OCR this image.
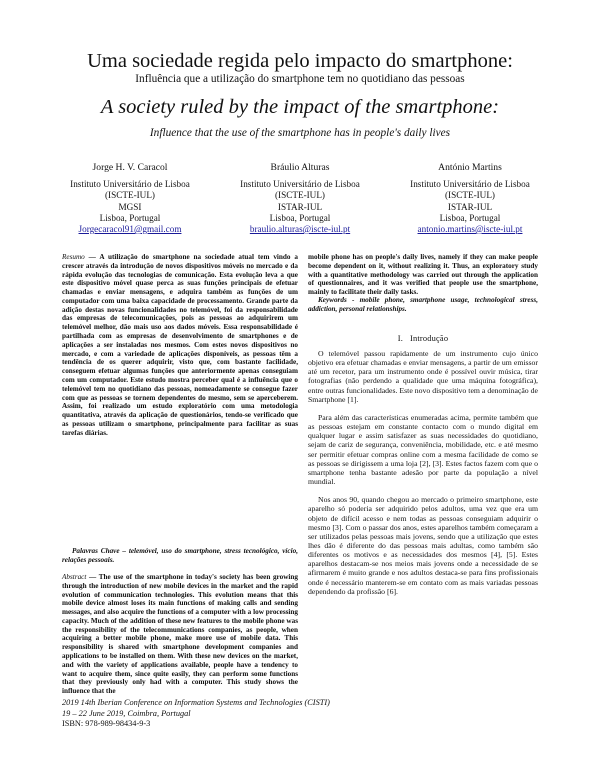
Uma sociedade regida pelo impacto do smartphone:
Influência que a utilização do smartphone tem no quotidiano das pessoas
A society ruled by the impact of the smartphone:
Influence that the use of the smartphone has in people's daily lives
Jorge H. V. Caracol
Instituto Universitário de Lisboa
(ISCTE-IUL)
MGSI
Lisboa, Portugal
Jorgecaracol91@gmail.com
Bráulio Alturas
Instituto Universitário de Lisboa
(ISCTE-IUL)
ISTAR-IUL
Lisboa, Portugal
braulio.alturas@iscte-iul.pt
António Martins
Instituto Universitário de Lisboa
(ISCTE-IUL)
ISTAR-IUL
Lisboa, Portugal
antonio.martins@iscte-iul.pt

Resumo — A utilização do smartphone na sociedade atual tem vindo a crescer através da introdução de novos dispositivos móveis no mercado e da rápida evolução das tecnologias de comunicação. Esta evolução leva a que este dispositivo móvel quase perca as suas funções principais de efetuar chamadas e enviar mensagens, e adquira também as funções de um computador com uma baixa capacidade de processamento. Grande parte da adição destas novas funcionalidades no telemóvel, foi da responsabilidade das empresas de telecomunicações, pois as pessoas ao adquirirem um telemóvel melhor, dão mais uso aos dados móveis. Essa responsabilidade é partilhada com as empresas de desenvolvimento de smartphones e de aplicações a ser instaladas nos mesmos. Com estes novos dispositivos no mercado, e com a variedade de aplicações disponíveis, as pessoas têm a tendência de os querer adquirir, visto que, com bastante facilidade, conseguem efetuar algumas funções que anteriormente apenas conseguiam com um computador. Este estudo mostra perceber qual é a influência que o telemóvel tem no quotidiano das pessoas, nomeadamente se consegue fazer com que as pessoas se tornem dependentes do mesmo, sem se aperceberem. Assim, foi realizado um estudo exploratório com uma metodologia quantitativa, através da aplicação de questionários, tendo-se verificado que as pessoas utilizam o smartphone, principalmente para facilitar as suas tarefas diárias.

Palavras Chave – telemóvel, uso do smartphone, stress tecnológico, vício, relações pessoais.

Abstract — The use of the smartphone in today's society has been growing through the introduction of new mobile devices in the market and the rapid evolution of communication technologies. This evolution means that this mobile device almost loses its main functions of making calls and sending messages, and also acquire the functions of a computer with a low processing capacity. Much of the addition of these new features to the mobile phone was the responsibility of the telecommunications companies, as people, when acquiring a better mobile phone, make more use of mobile data. This responsibility is shared with smartphone development companies and applications to be installed on them. With these new devices on the market, and with the variety of applications available, people have a tendency to want to acquire them, since quite easily, they can perform some functions that they previously only had with a computer. This study shows the influence that the

mobile phone has on people's daily lives, namely if they can make people become dependent on it, without realizing it. Thus, an exploratory study with a quantitative methodology was carried out through the application of questionnaires, and it was verified that people use the smartphone, mainly to facilitate their daily tasks.
Keywords - mobile phone, smartphone usage, technological stress, addiction, personal relationships.
I. Introdução

O telemóvel passou rapidamente de um instrumento cujo único objetivo era efetuar chamadas e enviar mensagens, a partir de um emissor até um recetor, para um instrumento onde é possível ouvir música, tirar fotografias (não perdendo a qualidade que uma máquina fotográfica), entre outras funcionalidades. Este novo dispositivo tem a denominação de Smartphone [1].

Para além das características enumeradas acima, permite também que as pessoas estejam em constante contacto com o mundo digital em qualquer lugar e assim satisfazer as suas necessidades do quotidiano, sejam de cariz de segurança, conveniência, mobilidade, etc. e até mesmo ser permitir efetuar compras online com a mesma facilidade de como se as pessoas se dirigissem a uma loja [2], [3]. Estes factos fazem com que o smartphone tenha bastante adesão por parte da população a nível mundial.

Nos anos 90, quando chegou ao mercado o primeiro smartphone, este aparelho só poderia ser adquirido pelos adultos, uma vez que era um objeto de difícil acesso e nem todas as pessoas conseguiam adquirir o mesmo [3]. Com o passar dos anos, estes aparelhos também começaram a ser utilizados pelas pessoas mais jovens, sendo que a utilização que estes lhes dão é diferente do das pessoas mais adultas, como também são diferentes os motivos e as necessidades dos mesmos [4], [5]. Estes aparelhos destacam-se nos meios mais jovens onde a necessidade de se afirmarem é muito grande e nos adultos destaca-se para fins profissionais onde é necessário manterem-se em contato com as mais variadas pessoas dependendo da profissão [6].

2019 14th Iberian Conference on Information Systems and Technologies (CISTI)
19 – 22 June 2019, Coimbra, Portugal
ISBN: 978-989-98434-9-3
